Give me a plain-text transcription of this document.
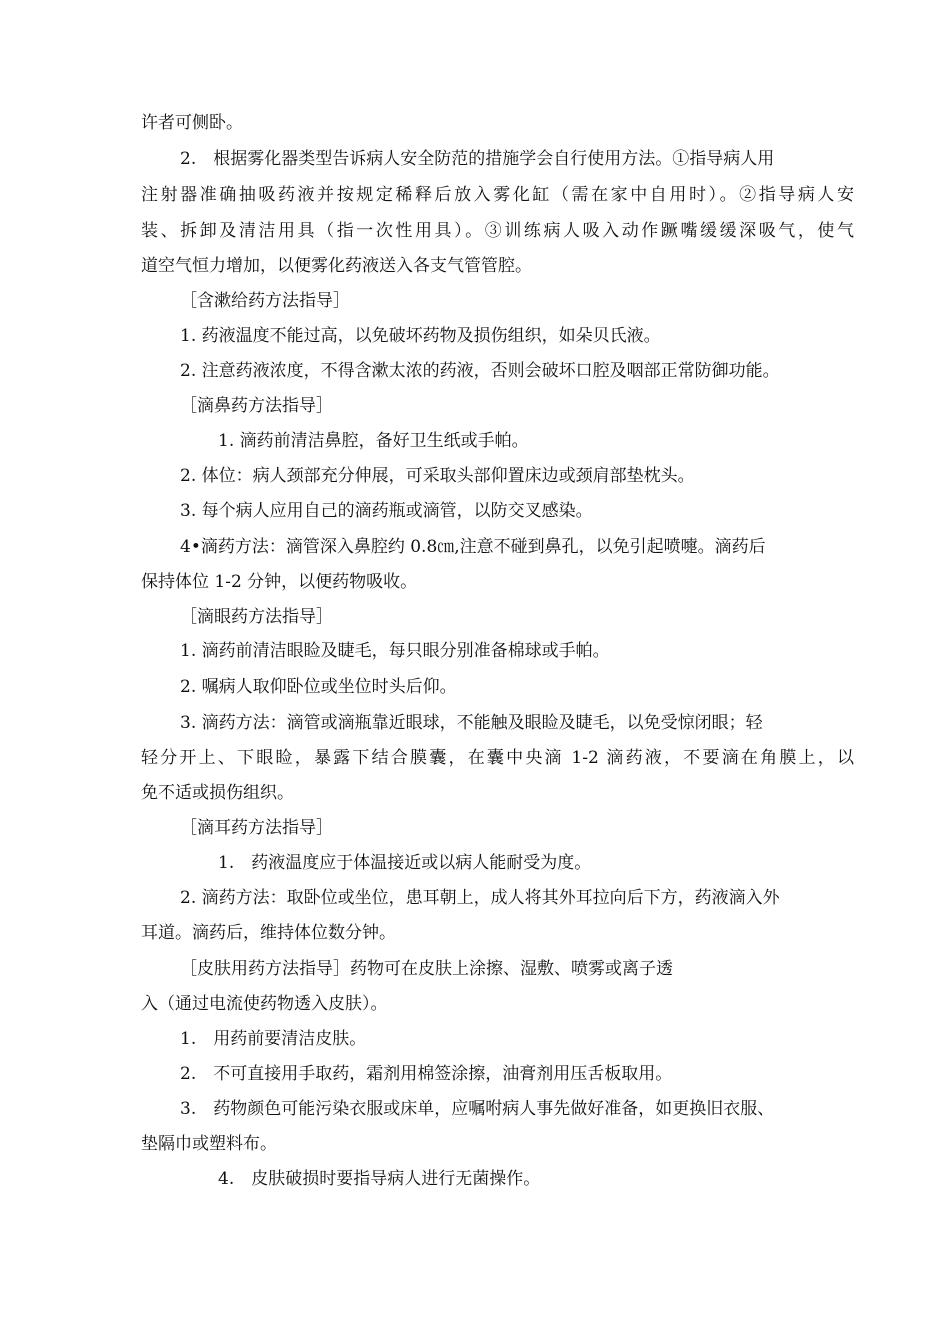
许者可侧卧。
2.　根据雾化器类型告诉病人安全防范的措施学会自行使用方法。①指导病人用
注射器准确抽吸药液并按规定稀释后放入雾化缸（需在家中自用时）。②指导病人安
装、拆卸及清洁用具（指一次性用具）。③训练病人吸入动作蹶嘴缓缓深吸气，使气
道空气恒力增加，以便雾化药液送入各支气管管腔。
［含漱给药方法指导］
1. 药液温度不能过高，以免破坏药物及损伤组织，如朵贝氏液。
2. 注意药液浓度，不得含漱太浓的药液，否则会破坏口腔及咽部正常防御功能。
［滴鼻药方法指导］
1. 滴药前清洁鼻腔，备好卫生纸或手帕。
2. 体位：病人颈部充分伸展，可采取头部仰置床边或颈肩部垫枕头。
3. 每个病人应用自己的滴药瓶或滴管，以防交叉感染。
4•滴药方法：滴管深入鼻腔约 0.8㎝,注意不碰到鼻孔，以免引起喷嚏。滴药后
保持体位 1-2 分钟，以便药物吸收。
［滴眼药方法指导］
1. 滴药前清洁眼睑及睫毛，每只眼分别准备棉球或手帕。
2. 嘱病人取仰卧位或坐位时头后仰。
3. 滴药方法：滴管或滴瓶靠近眼球，不能触及眼睑及睫毛，以免受惊闭眼；轻
轻分开上、下眼睑，暴露下结合膜囊，在囊中央滴 1-2 滴药液，不要滴在角膜上，以
免不适或损伤组织。
［滴耳药方法指导］
1.　药液温度应于体温接近或以病人能耐受为度。
2. 滴药方法：取卧位或坐位，患耳朝上，成人将其外耳拉向后下方，药液滴入外
耳道。滴药后，维持体位数分钟。
［皮肤用药方法指导］药物可在皮肤上涂擦、湿敷、喷雾或离子透
入（通过电流使药物透入皮肤）。
1.　用药前要清洁皮肤。
2.　不可直接用手取药，霜剂用棉签涂擦，油膏剂用压舌板取用。
3.　药物颜色可能污染衣服或床单，应嘱咐病人事先做好准备，如更换旧衣服、
垫隔巾或塑料布。
4.　皮肤破损时要指导病人进行无菌操作。
